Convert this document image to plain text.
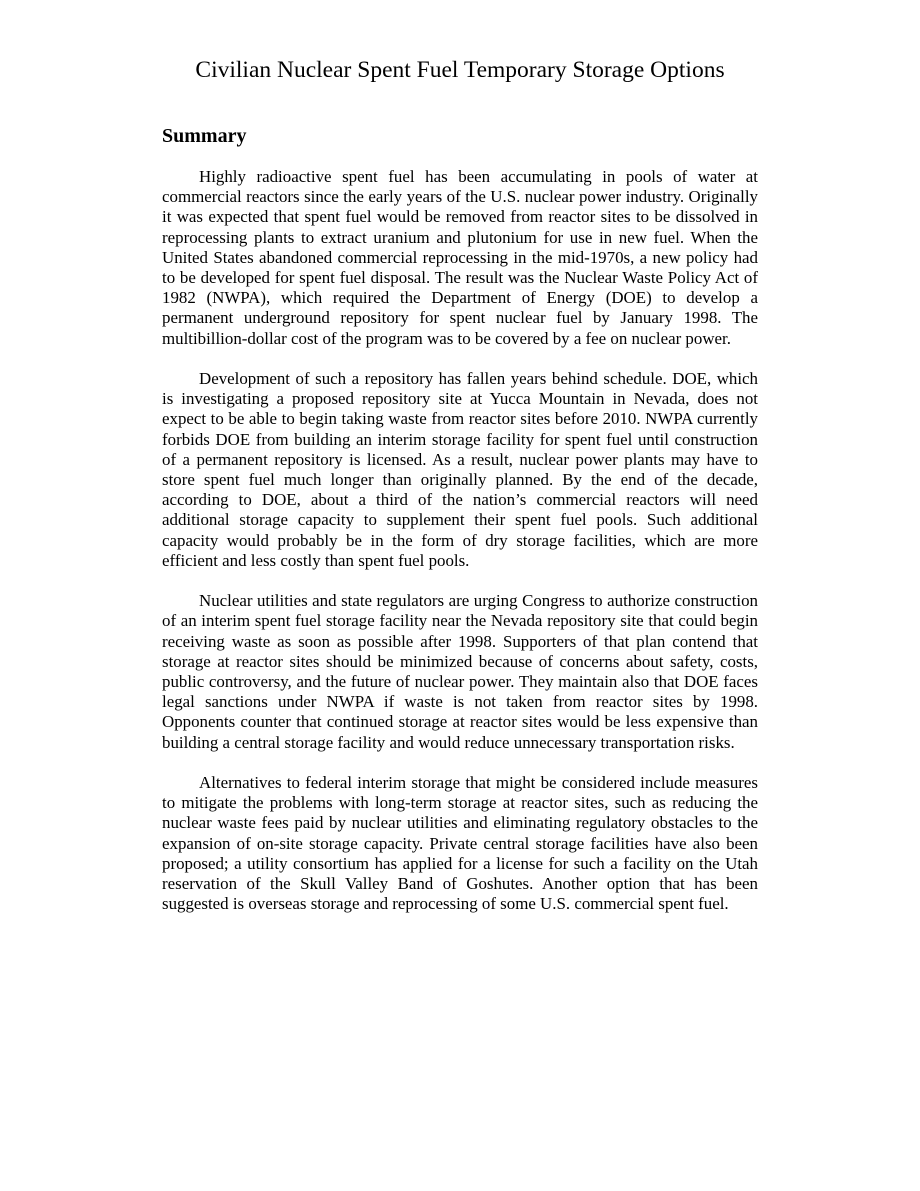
Civilian Nuclear Spent Fuel Temporary Storage Options
Summary

Highly radioactive spent fuel has been accumulating in pools of water at commercial reactors since the early years of the U.S. nuclear power industry. Originally it was expected that spent fuel would be removed from reactor sites to be dissolved in reprocessing plants to extract uranium and plutonium for use in new fuel. When the United States abandoned commercial reprocessing in the mid-1970s, a new policy had to be developed for spent fuel disposal. The result was the Nuclear Waste Policy Act of 1982 (NWPA), which required the Department of Energy (DOE) to develop a permanent underground repository for spent nuclear fuel by January 1998. The multibillion-dollar cost of the program was to be covered by a fee on nuclear power.

Development of such a repository has fallen years behind schedule. DOE, which is investigating a proposed repository site at Yucca Mountain in Nevada, does not expect to be able to begin taking waste from reactor sites before 2010. NWPA currently forbids DOE from building an interim storage facility for spent fuel until construction of a permanent repository is licensed. As a result, nuclear power plants may have to store spent fuel much longer than originally planned. By the end of the decade, according to DOE, about a third of the nation’s commercial reactors will need additional storage capacity to supplement their spent fuel pools. Such additional capacity would probably be in the form of dry storage facilities, which are more efficient and less costly than spent fuel pools.

Nuclear utilities and state regulators are urging Congress to authorize construction of an interim spent fuel storage facility near the Nevada repository site that could begin receiving waste as soon as possible after 1998. Supporters of that plan contend that storage at reactor sites should be minimized because of concerns about safety, costs, public controversy, and the future of nuclear power. They maintain also that DOE faces legal sanctions under NWPA if waste is not taken from reactor sites by 1998. Opponents counter that continued storage at reactor sites would be less expensive than building a central storage facility and would reduce unnecessary transportation risks.

Alternatives to federal interim storage that might be considered include measures to mitigate the problems with long-term storage at reactor sites, such as reducing the nuclear waste fees paid by nuclear utilities and eliminating regulatory obstacles to the expansion of on-site storage capacity. Private central storage facilities have also been proposed; a utility consortium has applied for a license for such a facility on the Utah reservation of the Skull Valley Band of Goshutes. Another option that has been suggested is overseas storage and reprocessing of some U.S. commercial spent fuel.
